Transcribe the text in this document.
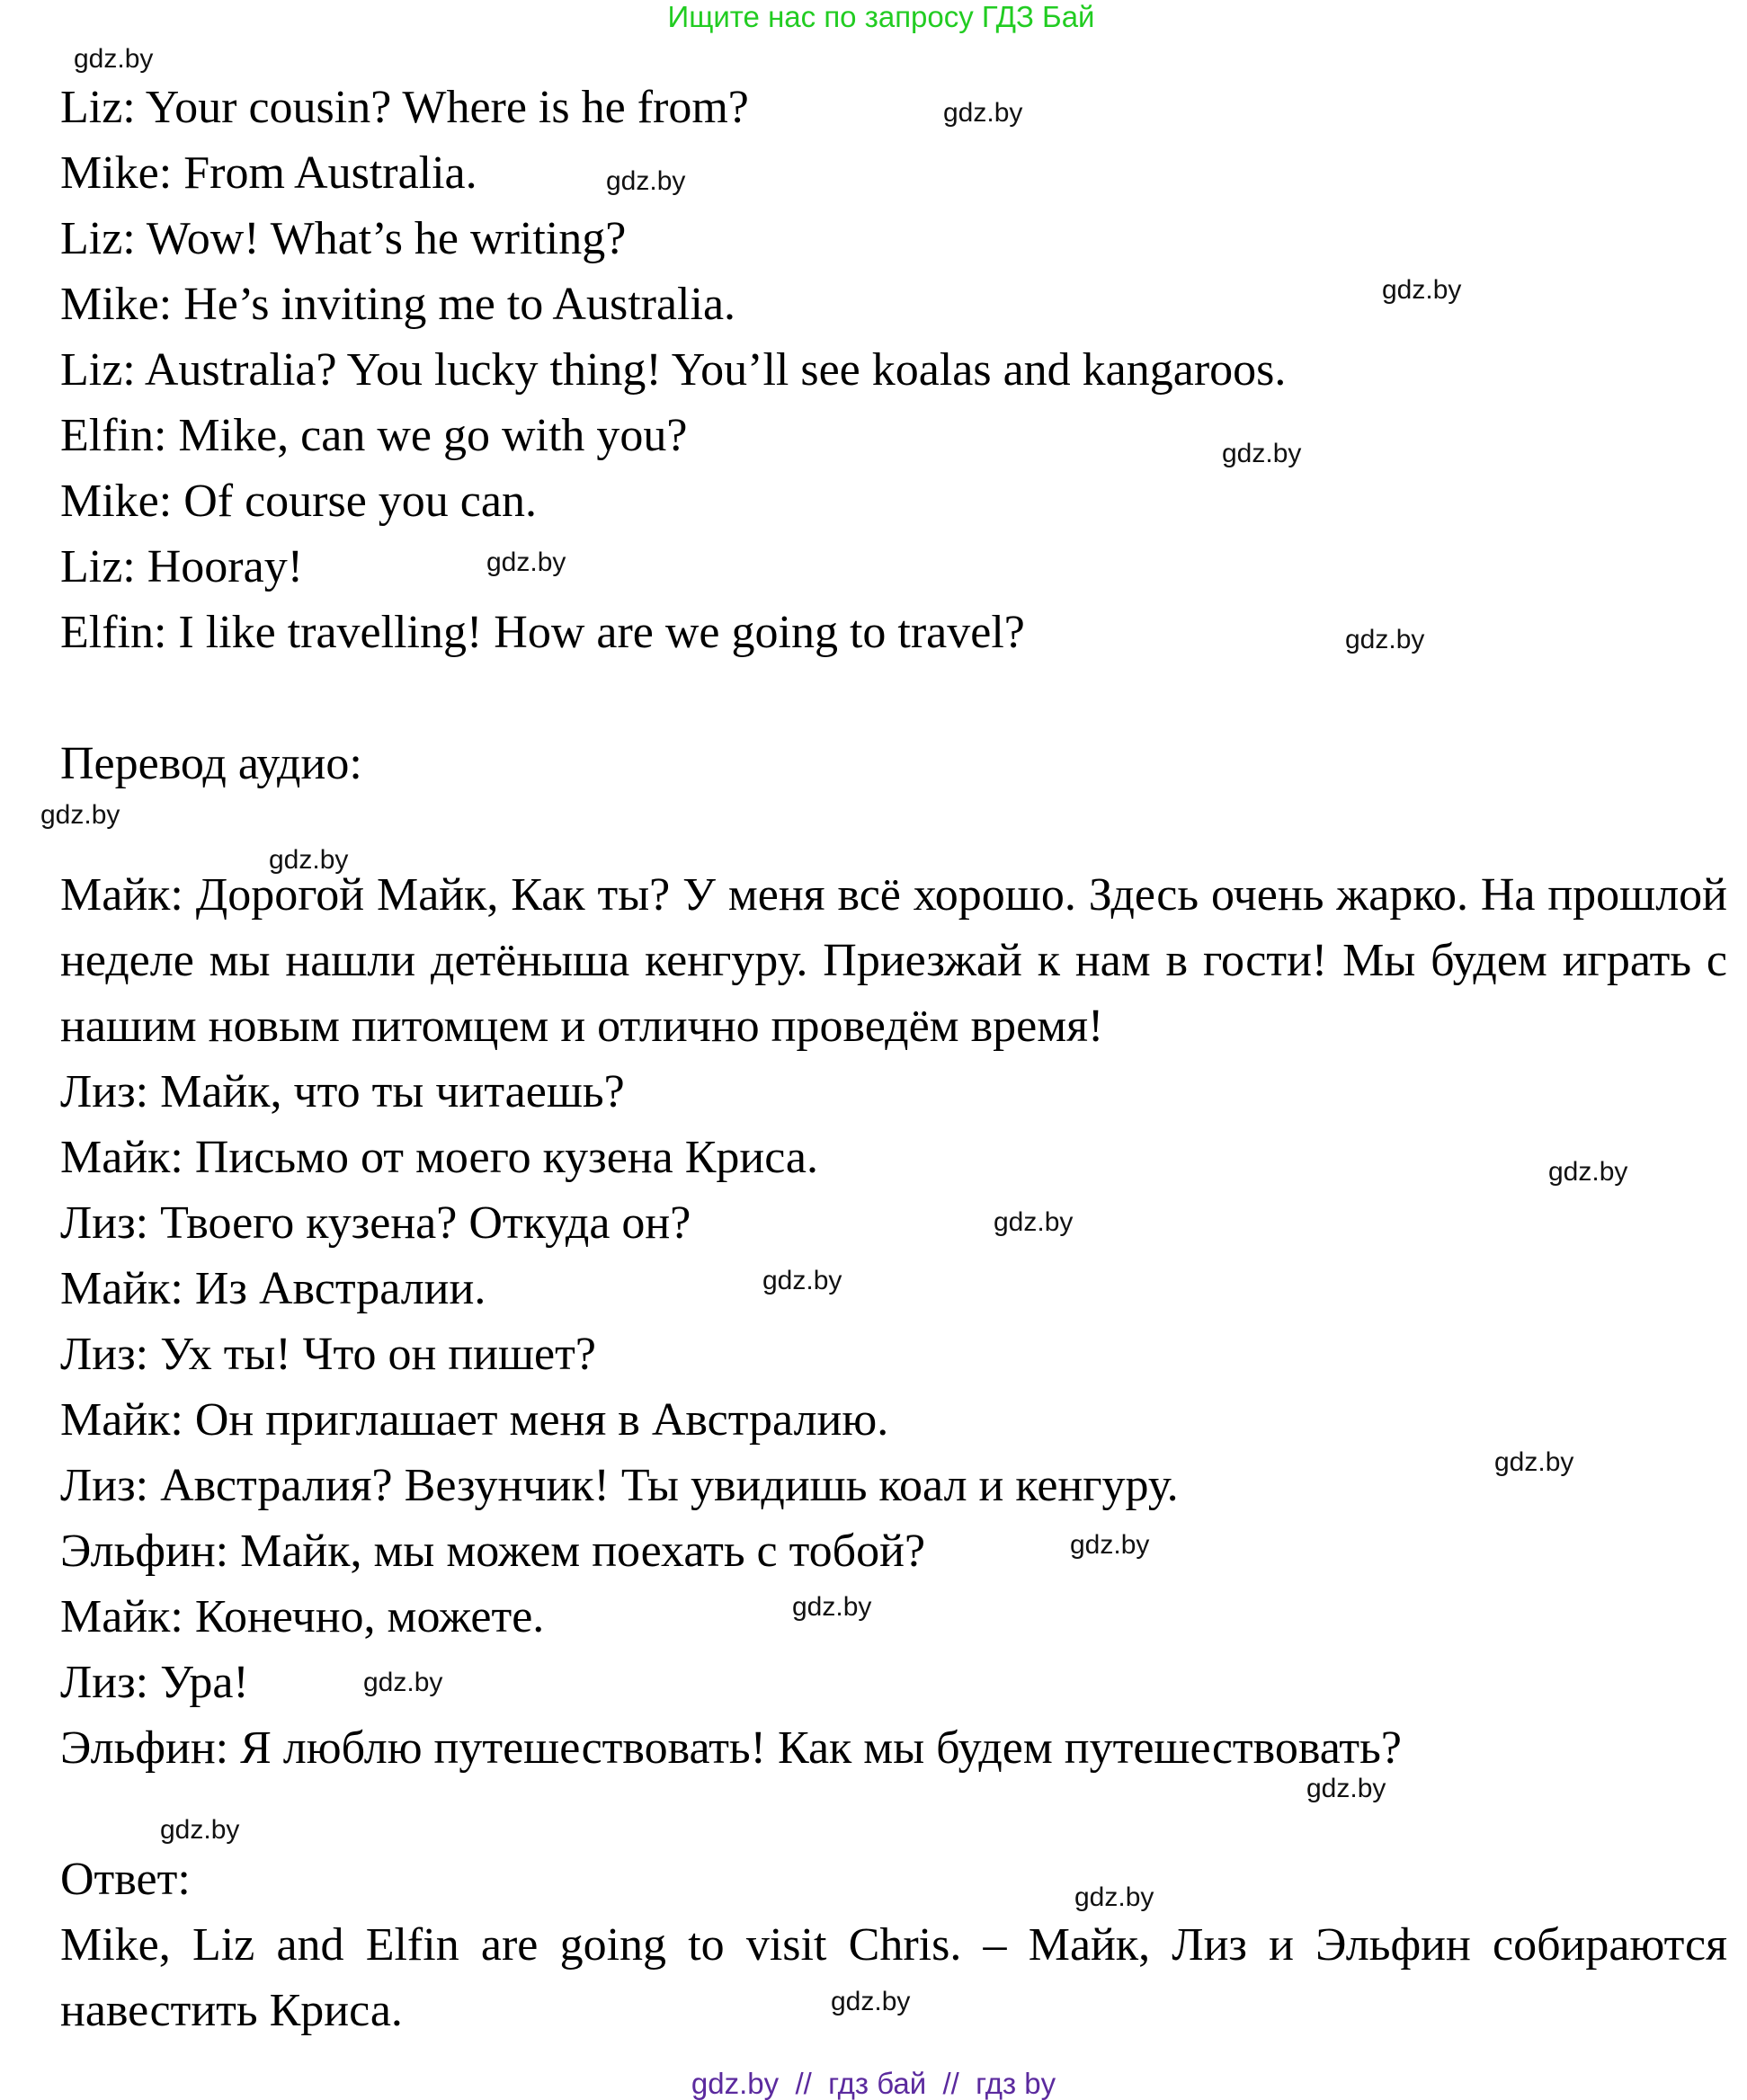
Ищите нас по запросу ГДЗ Бай
Liz: Your cousin? Where is he from?
Mike: From Australia.
Liz: Wow! What’s he writing?
Mike: He’s inviting me to Australia.
Liz: Australia? You lucky thing! You’ll see koalas and kangaroos.
Elfin: Mike, can we go with you?
Mike: Of course you can.
Liz: Hooray!
Elfin: I like travelling! How are we going to travel?
Перевод аудио:
Майк: Дорогой Майк, Как ты? У меня всё хорошо. Здесь очень жарко. На прошлой неделе мы нашли детёныша кенгуру. Приезжай к нам в гости! Мы будем играть с нашим новым питомцем и отлично проведём время!
Лиз: Майк, что ты читаешь?
Майк: Письмо от моего кузена Криса.
Лиз: Твоего кузена? Откуда он?
Майк: Из Австралии.
Лиз: Ух ты! Что он пишет?
Майк: Он приглашает меня в Австралию.
Лиз: Австралия? Везунчик! Ты увидишь коал и кенгуру.
Эльфин: Майк, мы можем поехать с тобой?
Майк: Конечно, можете.
Лиз: Ура!
Эльфин: Я люблю путешествовать! Как мы будем путешествовать?
Ответ:
Mike, Liz and Elfin are going to visit Chris. – Майк, Лиз и Эльфин собираются навестить Криса.
gdz.by
gdz.by
gdz.by
gdz.by
gdz.by
gdz.by
gdz.by
gdz.by
gdz.by
gdz.by
gdz.by
gdz.by
gdz.by
gdz.by
gdz.by
gdz.by
gdz.by
gdz.by
gdz.by
gdz.by
gdz.by  //  гдз бай  //  гдз by
